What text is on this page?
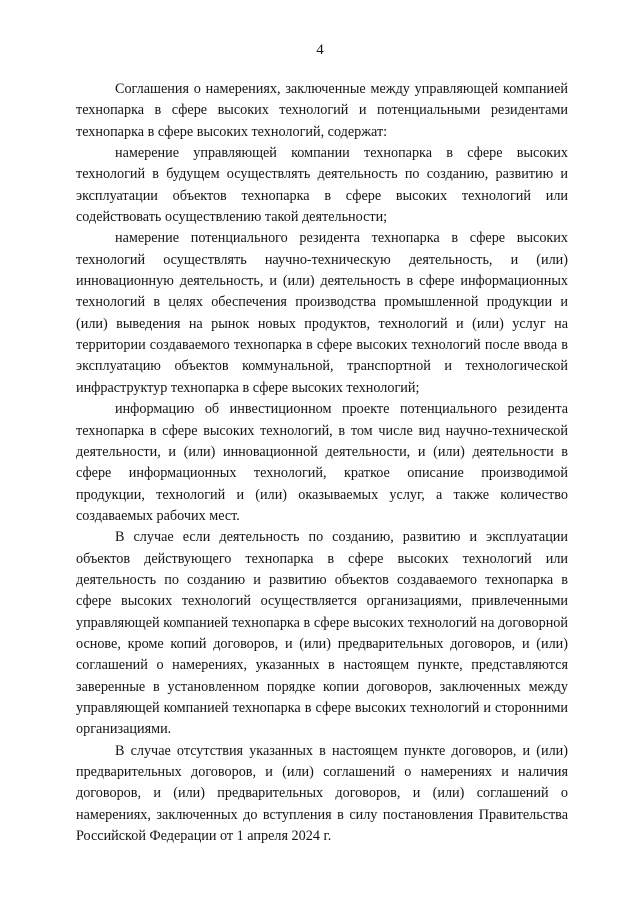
4

Соглашения о намерениях, заключенные между управляющей компанией технопарка в сфере высоких технологий и потенциальными резидентами технопарка в сфере высоких технологий, содержат:

намерение управляющей компании технопарка в сфере высоких технологий в будущем осуществлять деятельность по созданию, развитию и эксплуатации объектов технопарка в сфере высоких технологий или содействовать осуществлению такой деятельности;

намерение потенциального резидента технопарка в сфере высоких технологий осуществлять научно-техническую деятельность, и (или) инновационную деятельность, и (или) деятельность в сфере информационных технологий в целях обеспечения производства промышленной продукции и (или) выведения на рынок новых продуктов, технологий и (или) услуг на территории создаваемого технопарка в сфере высоких технологий после ввода в эксплуатацию объектов коммунальной, транспортной и технологической инфраструктур технопарка в сфере высоких технологий;

информацию об инвестиционном проекте потенциального резидента технопарка в сфере высоких технологий, в том числе вид научно-технической деятельности, и (или) инновационной деятельности, и (или) деятельности в сфере информационных технологий, краткое описание производимой продукции, технологий и (или) оказываемых услуг, а также количество создаваемых рабочих мест.

В случае если деятельность по созданию, развитию и эксплуатации объектов действующего технопарка в сфере высоких технологий или деятельность по созданию и развитию объектов создаваемого технопарка в сфере высоких технологий осуществляется организациями, привлеченными управляющей компанией технопарка в сфере высоких технологий на договорной основе, кроме копий договоров, и (или) предварительных договоров, и (или) соглашений о намерениях, указанных в настоящем пункте, представляются заверенные в установленном порядке копии договоров, заключенных между управляющей компанией технопарка в сфере высоких технологий и сторонними организациями.

В случае отсутствия указанных в настоящем пункте договоров, и (или) предварительных договоров, и (или) соглашений о намерениях и наличия договоров, и (или) предварительных договоров, и (или) соглашений о намерениях, заключенных до вступления в силу постановления Правительства Российской Федерации от 1 апреля 2024 г.
